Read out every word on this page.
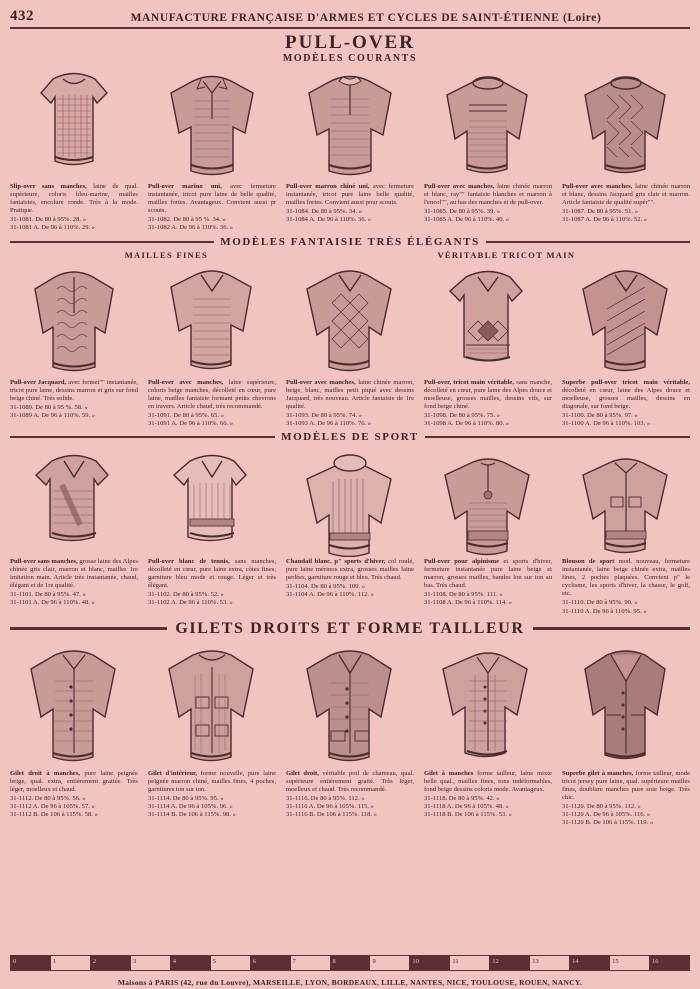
432	MANUFACTURE FRANÇAISE D'ARMES ET CYCLES DE SAINT-ÉTIENNE (Loire)
PULL-OVER
MODÈLES COURANTS
Slip-over sans manches, laine de qual. supérieure, coloris bleu-marine, mailles fantaisies, encolure ronde. Très à la mode. Pratique.
31-1081. De 80 à 95%. 28. »
31-1081 A. De 96 à 110%. 29. »
Pull-over marino uni, avec fermeture instantanée, tricot pure laine de belle qualité, mailles fortes. Avantageux. Convient aussi pr scouts.
31-1082. De 80 à 95 %. 34. »
31-1082 A. De 96 à 110%. 36. »
Pull-over marron chiné uni, avec fermeture instantanée, tricot pure laine belle qualité, mailles fortes. Convient aussi pour scouts.
31-1084. De 80 à 95%. 34. »
31-1084 A. De 96 à 110%. 36. »
Pull-over avec manches, laine chinée marron et blanc, ray"" fantaisie blanches et marron à l'encol"", au bas des manches et de pull-over.
31-1085. De 80 à 95%. 39. »
31-1085 A. De 96 à 110%. 40. »
Pull-over avec manches, laine chinée marron et blanc, dessins Jacquard gris clair et marron. Article fantaisie de qualité supér"".
31-1087. De 80 à 95%. 51. »
31-1087 A. De 96 à 110%. 52. »
MODÈLES FANTAISIE TRÈS ÉLÉGANTS
MAILLES FINES	VÉRITABLE TRICOT MAIN
Pull-over Jacquard, avec fermet"" instantanée, tricot pure laine, dessins marron et gris sur fond beige chiné. Très solide.
31-1089. De 80 à 95 %. 58. »
31-1089 A. De 96 à 110%. 59. »
Pull-over avec manches, laine supérieure, coloris beige manches, décolleté en cœur, pure laine, mailles fantaisie formant petits chevrons en travers. Article chaud, très recommandé.
31-1091. De 80 à 95%. 65. »
31-1091 A. De 96 à 110%. 66. »
Pull-over avec manches, laine chinée marron, beige, blanc, mailles petit piqué avec dessins Jacquard, très nouveau. Article fantaisie de 1re qualité.
31-1093. De 80 à 95%. 74. »
31-1093 A. De 96 à 110%. 76. »
Pull-over, tricot main véritable, sans manche, décolleté en cœur, pure laine des Alpes douce et moelleuse, grosses mailles, dessins vifs, sur fond beige chiné.
31-1098. De 80 à 95%. 75. »
31-1098 A. De 96 à 110%. 80. »
Superbe pull-over tricot main véritable, décolleté en cœur, laine des Alpes douce et moelleuse, grosses mailles, dessins en diagonale, sur fond beige.
31-1100. De 80 à 95%. 97. »
31-1100 A. De 96 à 110%. 103. »
MODÈLES DE SPORT
Pull-over sans manches, grosse laine des Alpes chinée gris clair, marron et blanc, mailles 1re imitation main. Article très instantanée, chaud, élégant et de 1re qualité.
31-1101. De 80 à 95%. 47. »
31-1101 A. De 96 à 110%. 48. »
Pull-over blanc de tennis, sans manches, décolleté en cœur, pure laine extra, côtes fines, garniture bleu mode et rouge. Léger et très élégant.
31-1102. De 80 à 95%. 52. »
31-1102 A. De 96 à 110%. 53. »
Chandail blanc, p" sports d'hiver, col roulé, pure laine mérinos extra, grosses mailles laine perlées, garniture rouge et bleu. Très chaud.
31-1104. De 80 à 95%. 109. »
31-1104 A. De 96 à 110%. 112. »
Pull-over pour alpinisme et sports d'hiver, fermeture instantanée pure laine beige et marron, grosses mailles, bandes lon sur ton au bas. Très chaud.
31-1108. De 80 à 95%. 111. »
31-1108 A. De 96 à 110%. 114. »
Blouson de sport mod. nouveau, fermeture instantanée, laine beige chinée extra, mailles fines, 2 poches plaquées. Convient p" le cyclisme, les sports d'hiver, la chasse, le golf, etc.
31-1110. De 80 à 95%. 90. »
31-1110 A. De 96 à 110%. 95. »
GILETS DROITS ET FORME TAILLEUR
Gilet droit à manches, pure laine peignée beige, qual. extra, entièrement grattée. Très léger, moelleux et chaud.
31-1112. De 80 à 95%. 56. »
31-1112 A. De 96 à 105%. 57. »
31-1112 B. De 106 à 115%. 58. »
Gilet d'intérieur, forme nouvelle, pure laine peignée marron chiné, mailles fines, 4 poches, garnitures ton sur ton.
31-1114. De 80 à 95%. 95. »
31-1114 A. De 96 à 105%. 96. »
31-1114 B. De 106 à 115%. 98. »
Gilet droit, véritable poil de chameau, qual. supérieure entièrement gratté. Très léger, moelleux et chaud. Très recommandé.
31-1116. De 80 à 95%. 112. »
31-1116 A. De 96 à 105%. 115. »
31-1116 B. De 106 à 115%. 118. »
Gilet à manches forme tailleur, laine mixte belle qual., mailles fines, tons indéformables, fond beige dessins coloris mode. Avantageux.
31-1118. De 80 à 95%. 42. »
31-1118 A. De 96 à 105%. 48. »
31-1118 B. De 106 à 115%. 53. »
Superbe gilet à manches, forme tailleur, mode tricot jersey pure laine, qual. supérieure mailles fines, doublure manches pure soie beige. Très chic.
31-1120. De 80 à 95%. 112. »
31-1120 A. De 96 à 105%. 116. »
31-1120 B. De 106 à 115%. 119. »
0	1	2	3	4	5	6	7	8	9	10	11	12	13	14	15	16
Maisons à PARIS (42, rue du Louvre), MARSEILLE, LYON, BORDEAUX, LILLE, NANTES, NICE, TOULOUSE, ROUEN, NANCY.
